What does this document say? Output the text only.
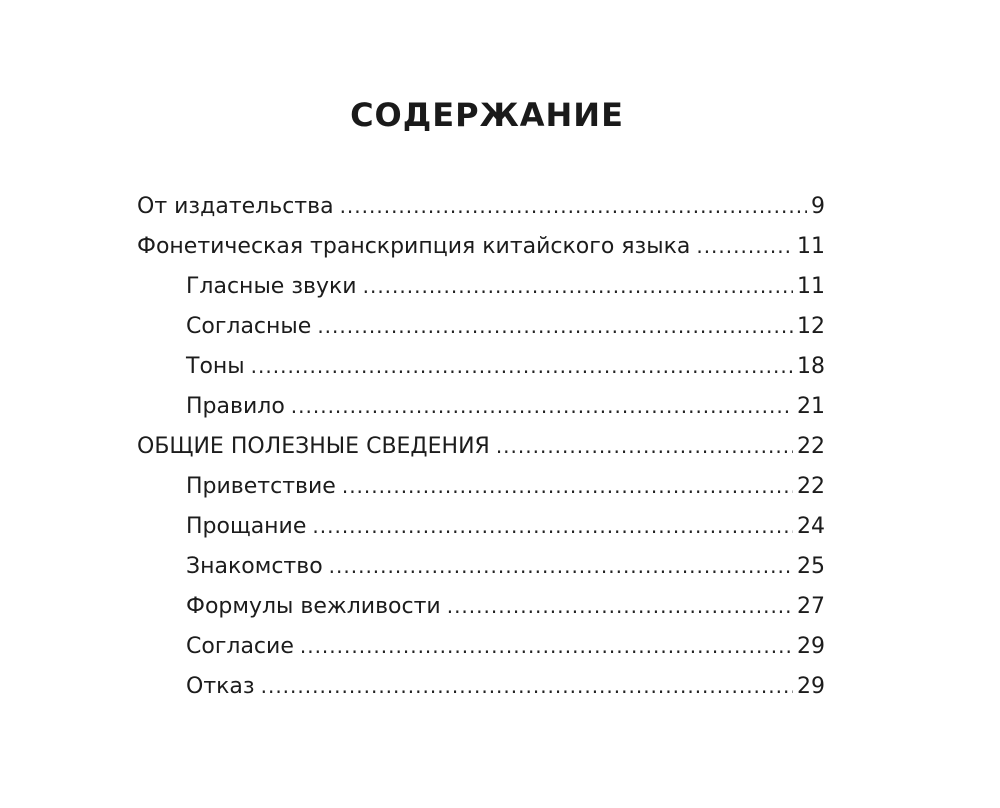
СОДЕРЖАНИЕ
От издательства .....	9
Фонетическая транскрипция китайского языка .....	11
Гласные звуки .....	11
Согласные .....	12
Тоны .....	18
Правило .....	21
ОБЩИЕ ПОЛЕЗНЫЕ СВЕДЕНИЯ .....	22
Приветствие .....	22
Прощание .....	24
Знакомство .....	25
Формулы вежливости .....	27
Согласие .....	29
Отказ .....	29
